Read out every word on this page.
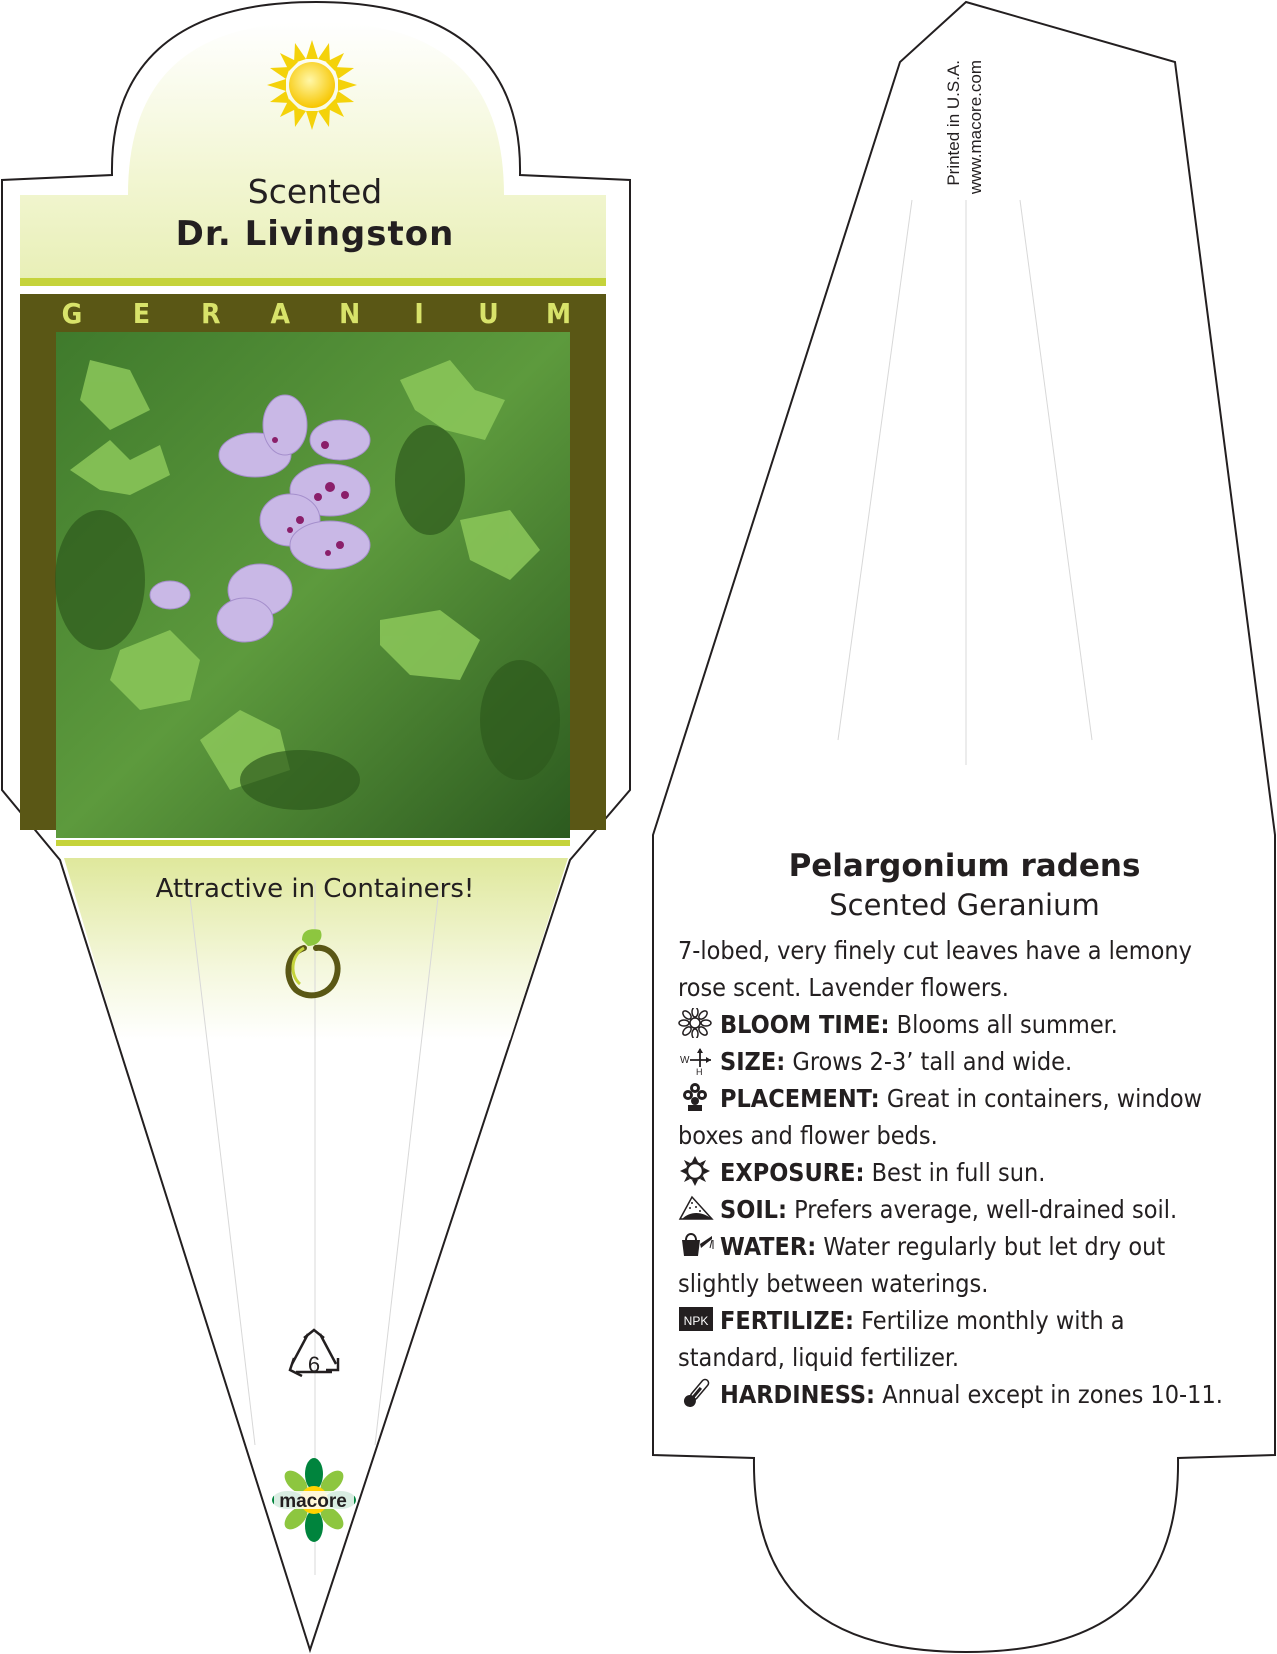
Scented
Dr. Livingston
G E R A N I U M
Attractive in Containers!
6
macore
Printed in U.S.A. www.macore.com
Pelargonium radens
Scented Geranium

7-lobed, very finely cut leaves have a lemony rose scent. Lavender flowers.

BLOOM TIME: Blooms all summer.

W
H SIZE: Grows 2-3’ tall and wide.

PLACEMENT: Great in containers, window boxes and flower beds.

EXPOSURE: Best in full sun.

SOIL: Prefers average, well-drained soil.

WATER: Water regularly but let dry out slightly between waterings.

NPK FERTILIZE: Fertilize monthly with a standard, liquid fertilizer.

HARDINESS: Annual except in zones 10-11.
